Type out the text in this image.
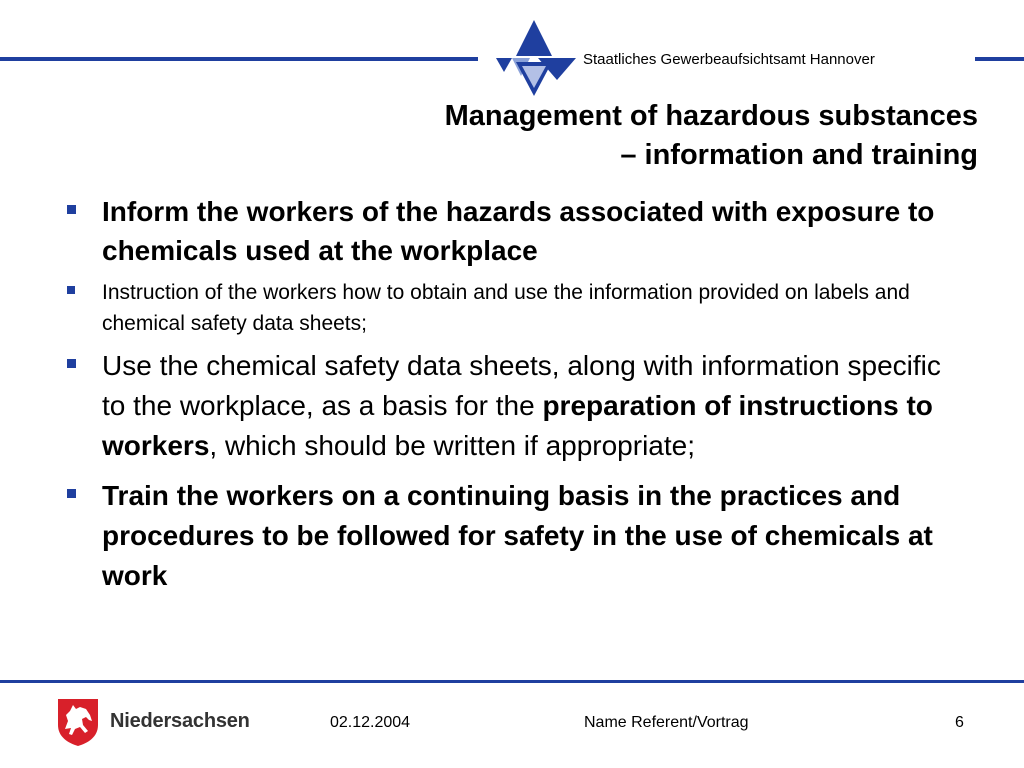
Staatliches Gewerbeaufsichtsamt Hannover
Management of hazardous substances
– information and training
Inform the workers of the hazards associated with exposure to chemicals used at the workplace
Instruction of the workers how to obtain and use the information provided on labels and chemical safety data sheets;
Use the chemical safety data sheets, along with information specific to the workplace, as a basis for the preparation of instructions to workers, which should be written if appropriate;
Train the workers on a continuing basis in the practices and procedures to be followed for safety in the use of chemicals at work
Niedersachsen	02.12.2004	Name Referent/Vortrag	6
